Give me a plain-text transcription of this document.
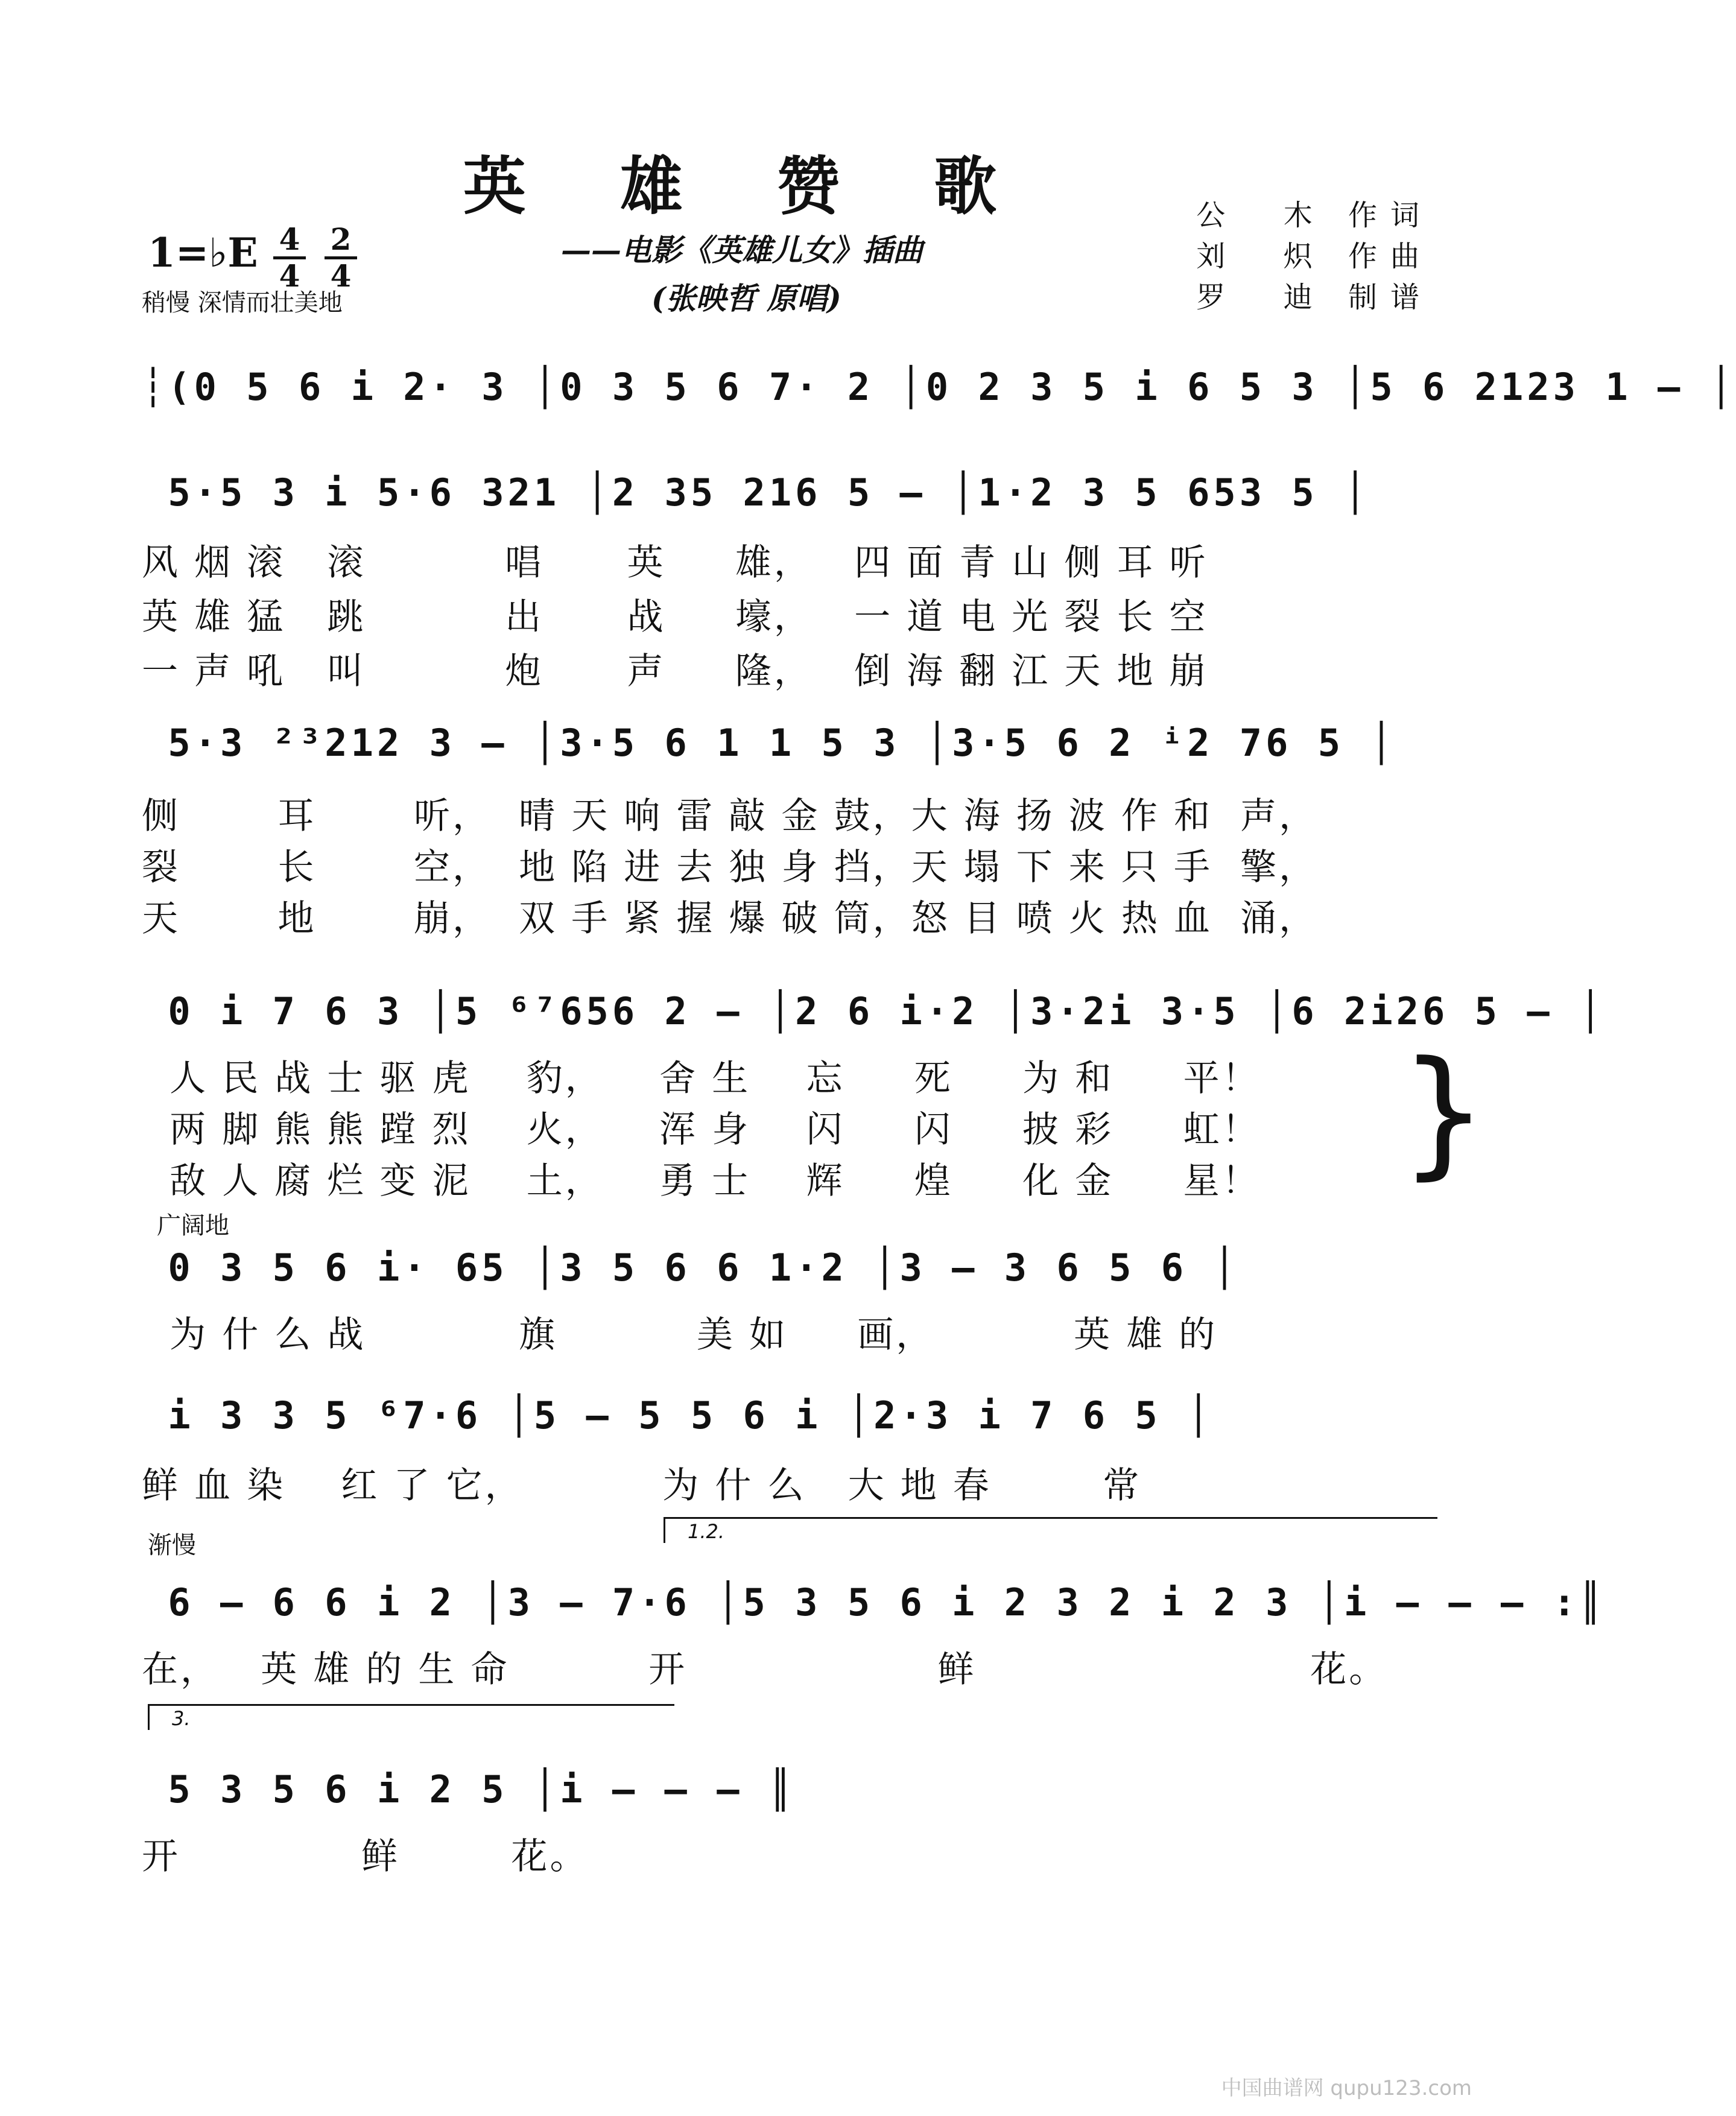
英 雄 赞 歌
——电影《英雄儿女》插曲
(张映哲 原唱)
公  木 作词
刘  炽 作曲
罗  迪 制谱
1=♭E 4
4
2
4
稍慢 深情而壮美地
┆(0 5 6 i 2· 3 │0 3 5 6 7· 2 │0 2 3 5 i 6 5 3 │5 6 2123 1 – │
5·5 3 i 5·6 321 │2 35 216 5 – │1·2 3 5 653 5 │
风 烟 滚   滚          唱      英     雄，   四 面 青 山 侧 耳 听
英 雄 猛   跳          出      战     壕，   一 道 电 光 裂 长 空
一 声 吼   叫          炮      声     隆，   倒 海 翻 江 天 地 崩
5·3 ²³212 3 – │3·5 6 1 1 5 3 │3·5 6 2 ⁱ2 76 5 │
侧       耳       听，  晴 天 响 雷 敲 金 鼓，大 海 扬 波 作 和  声，
裂       长       空，  地 陷 进 去 独 身 挡，天 塌 下 来 只 手  擎，
天       地       崩，  双 手 紧 握 爆 破 筒，怒 目 喷 火 热 血  涌，
0 i 7 6 3 │5 ⁶⁷656 2 – │2 6 i·2 │3·2i 3·5 │6 2i26 5 – │
人 民 战 士 驱 虎    豹，    舍 生    忘     死     为 和     平！
两 脚 熊 熊 蹚 烈    火，    浑 身    闪     闪     披 彩     虹！
敌 人 腐 烂 变 泥    土，    勇 士    辉     煌     化 金     星！	}
广阔地
0 3 5 6 i· 65 │3 5 6 6 1·2 │3 – 3 6 5 6 │
为 什 么 战           旗          美 如     画，          英 雄 的
i 3 3 5 ⁶7·6 │5 – 5 5 6 i │2·3 i 7 6 5 │
鲜 血 染    红 了 它，          为 什 么   大 地 春        常
渐慢	1.2.
6 – 6 6 i 2 │3 – 7·6 │5 3 5 6 i 2 3 2 i 2 3 │i – – – :║
在，   英 雄 的 生 命          开                  鲜                        花。
3.
5 3 5 6 i 2 5 │i – – – ║
开             鲜        花。
中国曲谱网 qupu123.com
